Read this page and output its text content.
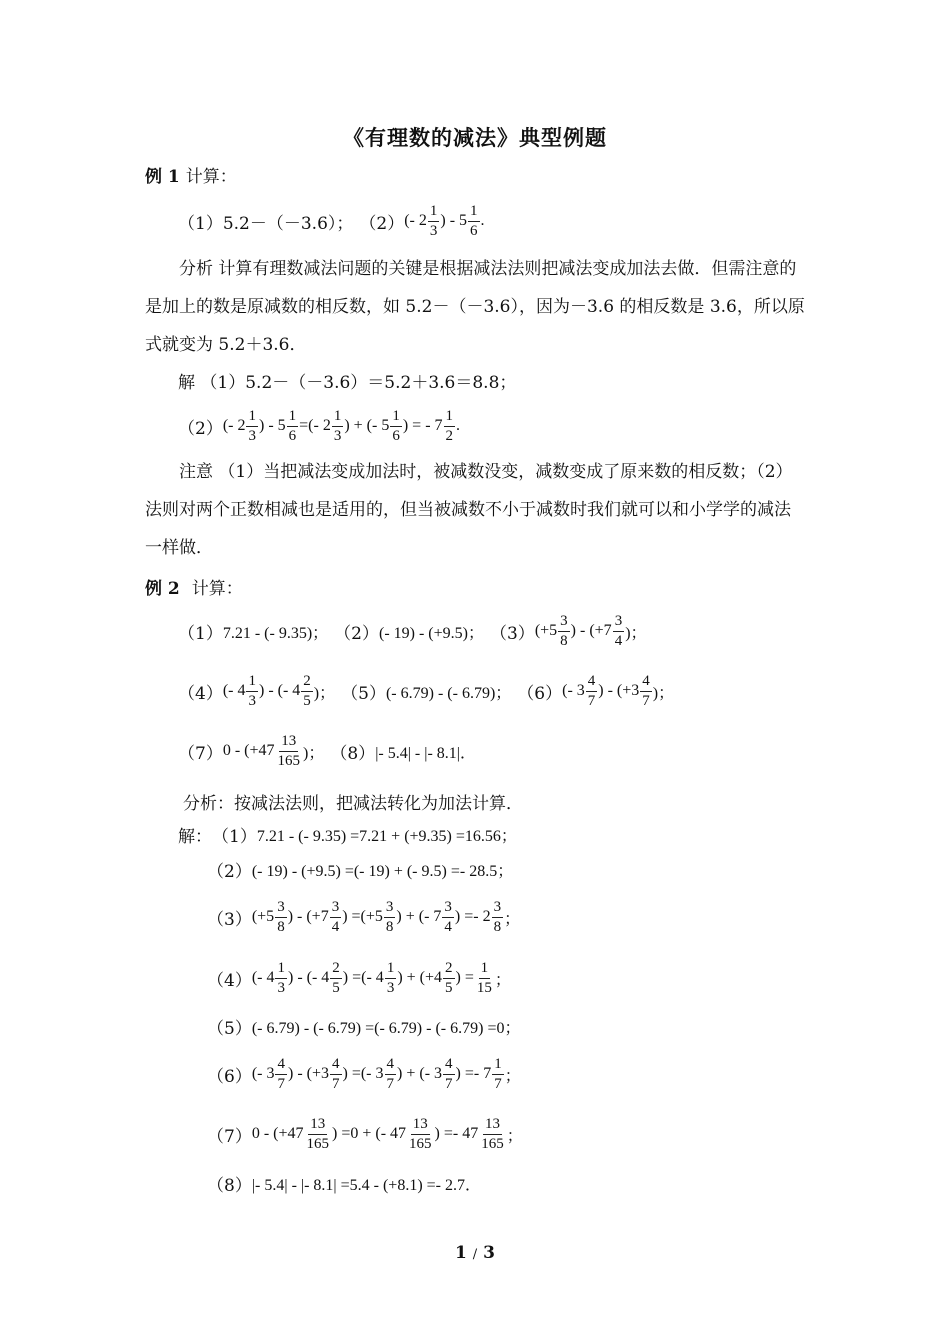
《有理数的减法》典型例题
例 1 计算：
（1）5.2－（－3.6）； （2） (- $2 \frac{1}{3}$ ) - $5 \frac{1}{6}$ .
分析 计算有理数减法问题的关键是根据减法法则把减法变成加法去做．但需注意的是加上的数是原减数的相反数，如 5.2－（－3.6），因为－3.6 的相反数是 3.6，所以原式就变为 5.2＋3.6．
解 （1）5.2－（－3.6）＝5.2＋3.6＝8.8；
（2） (- $2 \frac{1}{3}$ ) - $5 \frac{1}{6}$ =(- $2 \frac{1}{3}$ ) + (- $5 \frac{1}{6}$ ) = - $7 \frac{1}{2}$ .
注意 （1）当把减法变成加法时，被减数没变，减数变成了原来数的相反数；（2）法则对两个正数相减也是适用的，但当被减数不小于减数时我们就可以和小学学的减法一样做．
例 2 计算：
（1） 7.21 - (- 9.35)； （2） (- 19) - (+9.5)； （3） ($+5 \frac{3}{8}$ ) - ($+7 \frac{3}{4}$ )；
（4） (- $4 \frac{1}{3}$ ) - (- $4 \frac{2}{5}$ )； （5） (- 6.79) - (- 6.79)； （6） (- $3 \frac{4}{7}$ ) - ($+3 \frac{4}{7}$ )；
（7） $0 - (+47 \frac{13}{165}$ )； （8） |- 5.4| - |- 8.1|．
分析：按减法法则，把减法转化为加法计算．
解： （1） 7.21 - (- 9.35) =7.21 + (+9.35) =16.56；
（2） (- 19) - (+9.5) =(- 19) + (- 9.5) =- 28.5；
（3） ($+5 \frac{3}{8}$ ) - ($+7 \frac{3}{4}$ ) $=(+5 \frac{3}{8}$ ) + (- $7 \frac{3}{4}$ ) =- $2 \frac{3}{8}$ ；
（4） (- $4 \frac{1}{3}$ ) - (- $4 \frac{2}{5}$ ) =(- $4 \frac{1}{3}$ ) + ($+4 \frac{2}{5}$ ) = $\frac{1}{15}$ ；
（5） (- 6.79) - (- 6.79) =(- 6.79) - (- 6.79) =0；
（6） (- $3 \frac{4}{7}$ ) - ($+3 \frac{4}{7}$ ) =(- $3 \frac{4}{7}$ ) + (- $3 \frac{4}{7}$ ) =- $7 \frac{1}{7}$ ；
（7） $0 - (+47 \frac{13}{165}$ ) =0 + (- $47 \frac{13}{165}$ ) =- $47 \frac{13}{165}$ ；
（8） |- 5.4| - |- 8.1| =5.4 - (+8.1) =- 2.7．
1 / 3
